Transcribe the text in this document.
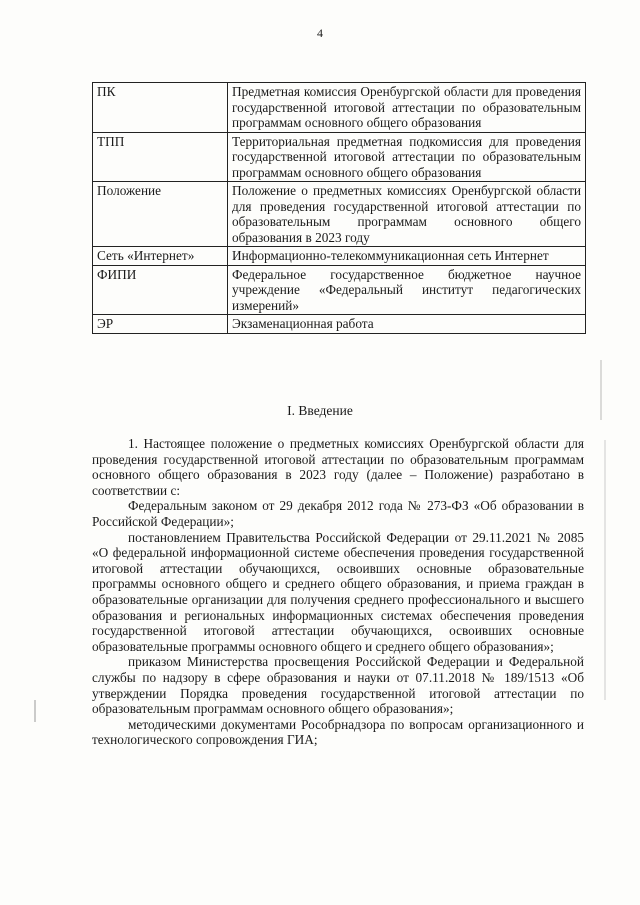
4
ПК	Предметная комиссия Оренбургской области для проведения государственной итоговой аттестации по образовательным программам основного общего образования
ТПП	Территориальная предметная подкомиссия для проведения государственной итоговой аттестации по образовательным программам основного общего образования
Положение	Положение о предметных комиссиях Оренбургской области для проведения государственной итоговой аттестации по образовательным программам основного общего образования в 2023 году
Сеть «Интернет»	Информационно-телекоммуникационная сеть Интернет
ФИПИ	Федеральное государственное бюджетное научное учреждение «Федеральный институт педагогических измерений»
ЭР	Экзаменационная работа
I. Введение

1. Настоящее положение о предметных комиссиях Оренбургской области для проведения государственной итоговой аттестации по образовательным программам основного общего образования в 2023 году (далее – Положение) разработано в соответствии с:

Федеральным законом от 29 декабря 2012 года № 273-ФЗ «Об образовании в Российской Федерации»;

постановлением Правительства Российской Федерации от 29.11.2021 № 2085 «О федеральной информационной системе обеспечения проведения государственной итоговой аттестации обучающихся, освоивших основные образовательные программы основного общего и среднего общего образования, и приема граждан в образовательные организации для получения среднего профессионального и высшего образования и региональных информационных системах обеспечения проведения государственной итоговой аттестации обучающихся, освоивших основные образовательные программы основного общего и среднего общего образования»;

приказом Министерства просвещения Российской Федерации и Федеральной службы по надзору в сфере образования и науки от 07.11.2018 № 189/1513 «Об утверждении Порядка проведения государственной итоговой аттестации по образовательным программам основного общего образования»;

методическими документами Рособрнадзора по вопросам организационного и технологического сопровождения ГИА;
